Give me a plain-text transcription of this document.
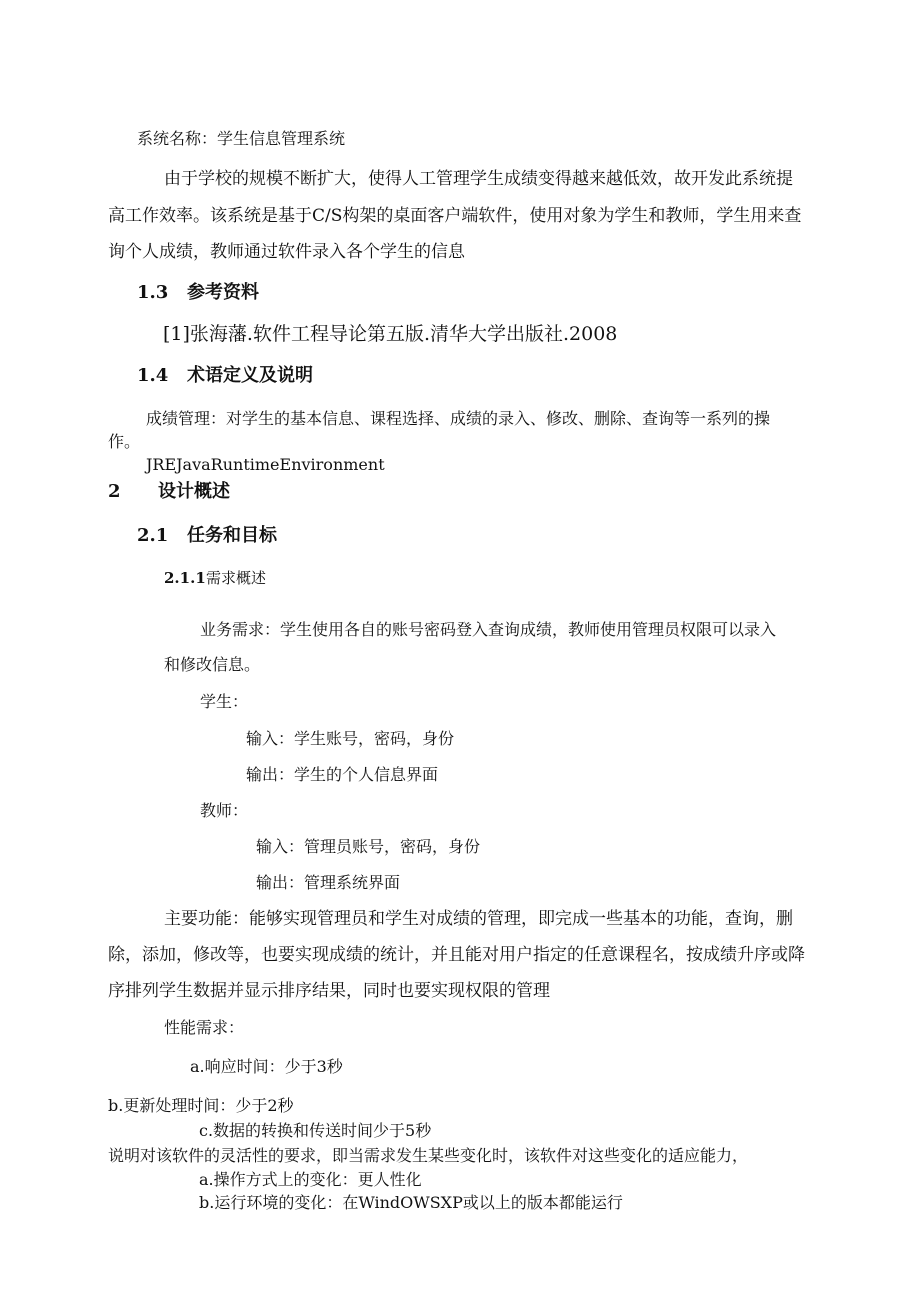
系统名称：学生信息管理系统
由于学校的规模不断扩大，使得人工管理学生成绩变得越来越低效，故开发此系统提
高工作效率。该系统是基于C/S构架的桌面客户端软件，使用对象为学生和教师，学生用来查
询个人成绩，教师通过软件录入各个学生的信息
1.3 参考资料
[1]张海藩.软件工程导论第五版.清华大学出版社.2008
1.4 术语定义及说明
成绩管理：对学生的基本信息、课程选择、成绩的录入、修改、删除、查询等一系列的操
作。
JREJavaRuntimeEnvironment
2 设计概述
2.1 任务和目标
2.1.1需求概述
业务需求：学生使用各自的账号密码登入查询成绩，教师使用管理员权限可以录入
和修改信息。
学生：
输入：学生账号，密码，身份
输出：学生的个人信息界面
教师：
输入：管理员账号，密码，身份
输出：管理系统界面
主要功能：能够实现管理员和学生对成绩的管理，即完成一些基本的功能，查询，删
除，添加，修改等，也要实现成绩的统计，并且能对用户指定的任意课程名，按成绩升序或降
序排列学生数据并显示排序结果，同时也要实现权限的管理
性能需求：
a.响应时间：少于3秒
b.更新处理时间：少于2秒
c.数据的转换和传送时间少于5秒
说明对该软件的灵活性的要求，即当需求发生某些变化时，该软件对这些变化的适应能力，
a.操作方式上的变化：更人性化
b.运行环境的变化：在WindOWSXP或以上的版本都能运行
